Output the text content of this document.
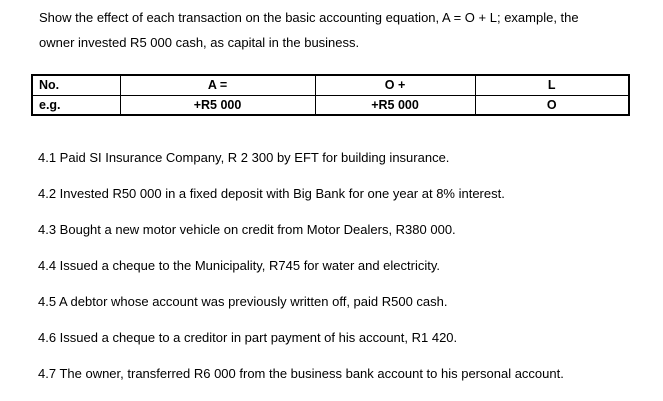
Show the effect of each transaction on the basic accounting equation, A = O + L; example, the
owner invested R5 000 cash, as capital in the business.
No.	A =	O +	L
e.g.	+R5 000	+R5 000	O
4.1 Paid SI Insurance Company, R 2 300 by EFT for building insurance.
4.2 Invested R50 000 in a fixed deposit with Big Bank for one year at 8% interest.
4.3 Bought a new motor vehicle on credit from Motor Dealers, R380 000.
4.4 Issued a cheque to the Municipality, R745 for water and electricity.
4.5 A debtor whose account was previously written off, paid R500 cash.
4.6 Issued a cheque to a creditor in part payment of his account, R1 420.
4.7 The owner, transferred R6 000 from the business bank account to his personal account.
